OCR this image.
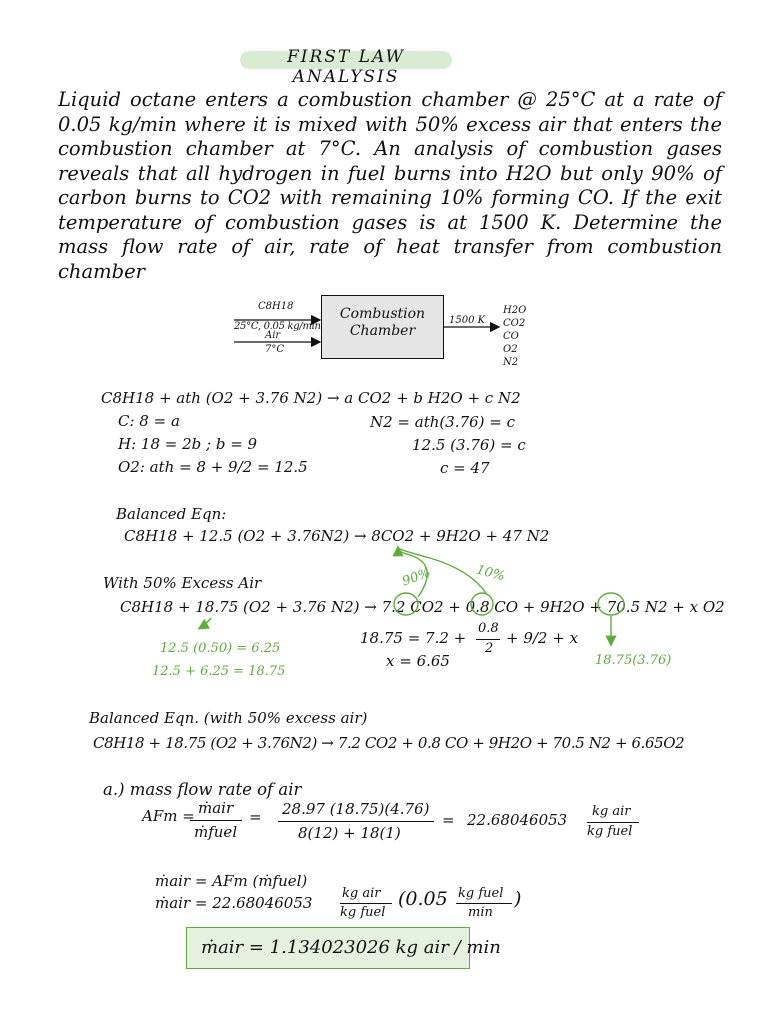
FIRST LAW ANALYSIS
Liquid octane enters a combustion chamber @ 25°C at a rate of 0.05 kg/min where it is mixed with 50% excess air that enters the combustion chamber at 7°C. An analysis of combustion gases reveals that all hydrogen in fuel burns into H2O but only 90% of carbon burns to CO2 with remaining 10% forming CO. If the exit temperature of combustion gases is at 1500 K. Determine the mass flow rate of air, rate of heat transfer from combustion chamber
C8H18
25°C, 0.05 kg/min
Air
7°C
Combustion
Chamber
1500 K
H2O
CO2
CO
O2
N2
C8H18 + ath (O2 + 3.76 N2) → a CO2 + b H2O + c N2
C: 8 = a
H: 18 = 2b ; b = 9
O2: ath = 8 + 9/2 = 12.5
N2 = ath(3.76) = c
12.5 (3.76) = c
c = 47
Balanced Eqn:
C8H18 + 12.5 (O2 + 3.76N2) → 8CO2 + 9H2O + 47 N2
With 50% Excess Air
C8H18 + 18.75 (O2 + 3.76 N2) → 7.2 CO2 + 0.8 CO + 9H2O + 70.5 N2 + x O2
90%	10%
12.5 (0.50) = 6.25
12.5 + 6.25 = 18.75
18.75(3.76)
18.75 = 7.2 +
0.8
2
+ 9/2 + x
x = 6.65
Balanced Eqn. (with 50% excess air)
C8H18 + 18.75 (O2 + 3.76N2) → 7.2 CO2 + 0.8 CO + 9H2O + 70.5 N2 + 6.65O2
a.) mass flow rate of air
AFm = ṁair
ṁfuel
= 28.97 (18.75)(4.76)
8(12) + 18(1)
= 22.68046053 kg air
kg fuel
ṁair = AFm (ṁfuel)
ṁair = 22.68046053
kg air
kg fuel
(0.05 kg fuel
min
)
ṁair = 1.134023026 kg air / min
